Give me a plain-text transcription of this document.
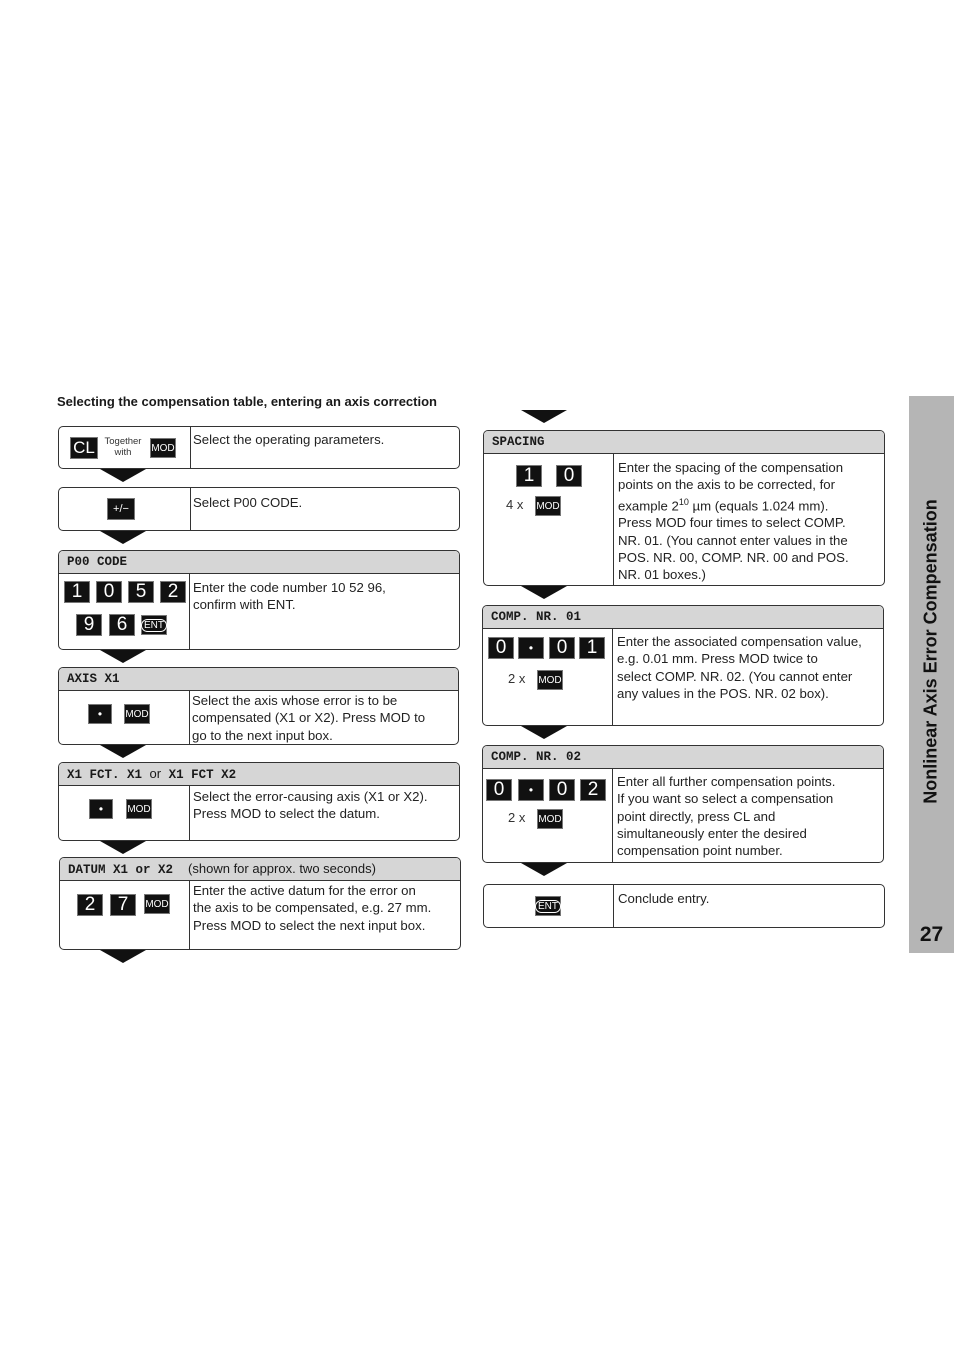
Selecting the compensation table, entering an axis correction
CL	Together
with	MOD
Select the operating parameters.
+/−	Select P00 CODE.
P00 CODE
1	0	5	2
9	6	ENT
Enter the code number 10 52 96,
confirm with ENT.
AXIS X1
•	MOD
Select the axis whose error is to be
compensated (X1 or X2). Press MOD to
go to the next input box.
X1 FCT. X1 or X1 FCT X2
•	MOD
Select the error-causing axis (X1 or X2).
Press MOD to select the datum.
DATUM X1 or X2 (shown for approx. two seconds)
2	7	MOD
Enter the active datum for the error on
the axis to be compensated, e.g. 27 mm.
Press MOD to select the next input box.
SPACING
1	0
4 x MOD
Enter the spacing of the compensation
points on the axis to be corrected, for
example $2^{10}$ µm (equals 1.024 mm).
Press MOD four times to select COMP.
NR. 01. (You cannot enter values in the
POS. NR. 00, COMP. NR. 00 and POS.
NR. 01 boxes.)
COMP. NR. 01
0	•	0	1
2 x MOD
Enter the associated compensation value,
e.g. 0.01 mm. Press MOD twice to
select COMP. NR. 02. (You cannot enter
any values in the POS. NR. 02 box).
COMP. NR. 02
0	•	0	2
2 x MOD
Enter all further compensation points.
If you want so select a compensation
point directly, press CL and
simultaneously enter the desired
compensation point number.
ENT	Conclude entry.
Nonlinear Axis Error Compensation
27
